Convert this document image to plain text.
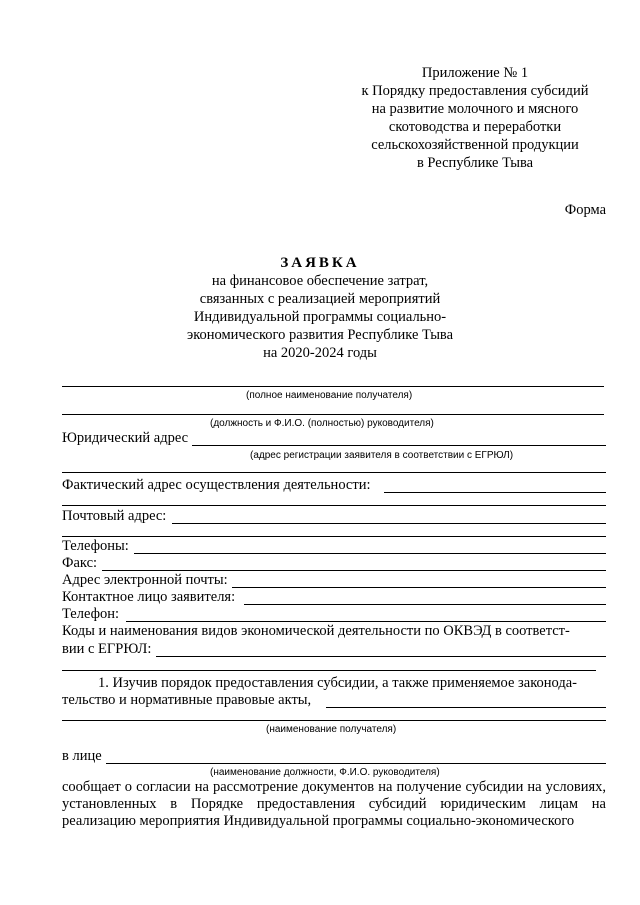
Приложение № 1
к Порядку предоставления субсидий
на развитие молочного и мясного
скотоводства и переработки
сельскохозяйственной продукции
в Республике Тыва
Форма
ЗАЯВКА
на финансовое обеспечение затрат,
связанных с реализацией мероприятий
Индивидуальной программы социально-
экономического развития Республике Тыва
на 2020-2024 годы
(полное наименование получателя)
(должность и Ф.И.О. (полностью) руководителя)
Юридический адрес
(адрес регистрации заявителя в соответствии с ЕГРЮЛ)
Фактический адрес осуществления деятельности:
Почтовый адрес:
Телефоны:
Факс:
Адрес электронной почты:
Контактное лицо заявителя:
Телефон:
Коды и наименования видов экономической деятельности по ОКВЭД в соответст-
вии с ЕГРЮЛ:
1. Изучив порядок предоставления субсидии, а также применяемое законода-
тельство и нормативные правовые акты,
(наименование получателя)
в лице
(наименование должности, Ф.И.О. руководителя)
сообщает о согласии на рассмотрение документов на получение субсидии на условиях, установленных в Порядке предоставления субсидий юридическим лицам на реализацию мероприятия Индивидуальной программы социально-экономического
